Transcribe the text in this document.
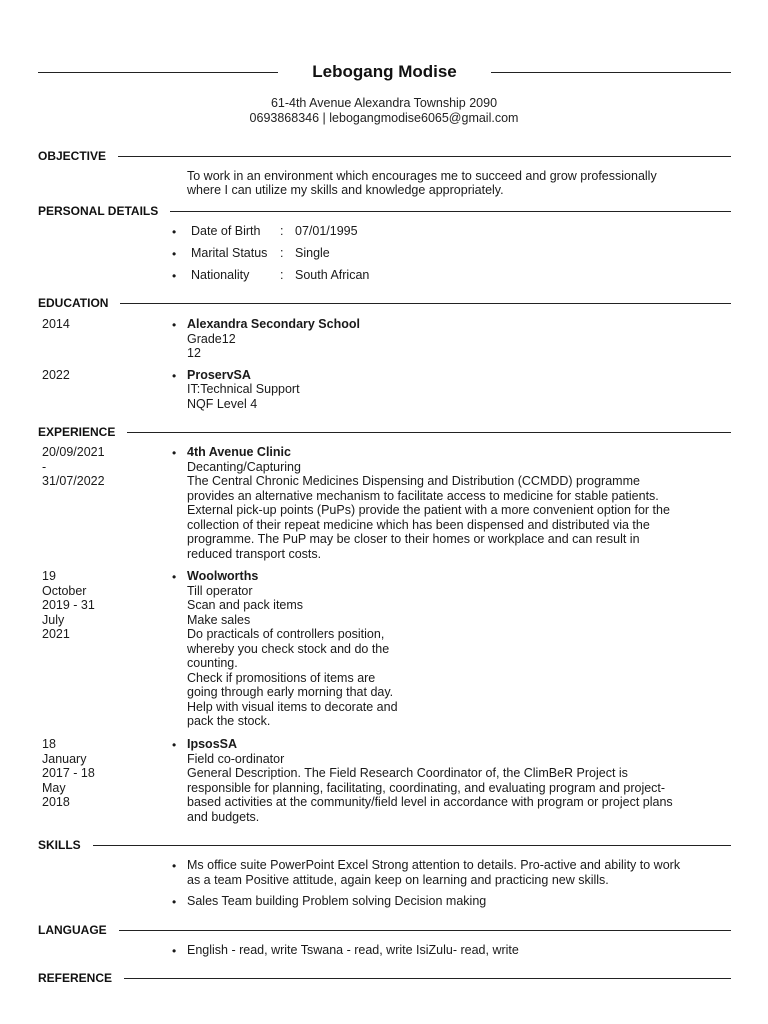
Lebogang Modise
61-4th Avenue Alexandra Township 2090
0693868346 | lebogangmodise6065@gmail.com
OBJECTIVE
To work in an environment which encourages me to succeed and grow professionally
where I can utilize my skills and knowledge appropriately.
PERSONAL DETAILS
• Date of Birth : 07/01/1995
• Marital Status : Single
• Nationality : South African
EDUCATION
2014	• Alexandra Secondary School
Grade12
12
2022	• ProservSA
IT:Technical Support
NQF Level 4
EXPERIENCE
20/09/2021
-
31/07/2022
• 4th Avenue Clinic
Decanting/Capturing
The Central Chronic Medicines Dispensing and Distribution (CCMDD) programme
provides an alternative mechanism to facilitate access to medicine for stable patients.
External pick-up points (PuPs) provide the patient with a more convenient option for the
collection of their repeat medicine which has been dispensed and distributed via the
programme. The PuP may be closer to their homes or workplace and can result in
reduced transport costs.
19
October
2019 - 31
July
2021
• Woolworths
Till operator
Scan and pack items
Make sales
Do practicals of controllers position,
whereby you check stock and do the
counting.
Check if promositions of items are
going through early morning that day.
Help with visual items to decorate and
pack the stock.
18
January
2017 - 18
May
2018
• IpsosSA
Field co-ordinator
General Description. The Field Research Coordinator of, the ClimBeR Project is
responsible for planning, facilitating, coordinating, and evaluating program and project-
based activities at the community/field level in accordance with program or project plans
and budgets.
SKILLS
• Ms office suite PowerPoint Excel Strong attention to details. Pro-active and ability to work
as a team Positive attitude, again keep on learning and practicing new skills.
• Sales Team building Problem solving Decision making
LANGUAGE
• English - read, write Tswana - read, write IsiZulu- read, write
REFERENCE
